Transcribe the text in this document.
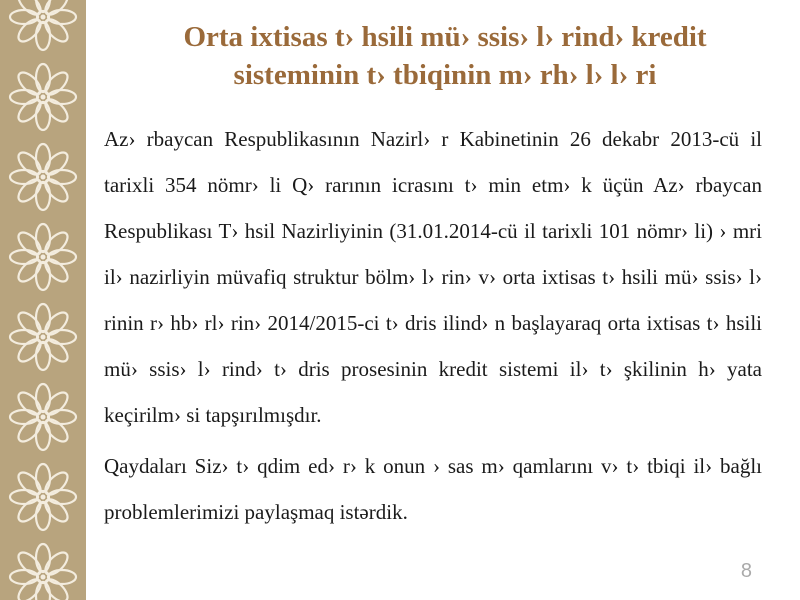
Orta ixtisas t› hsili mü› ssis› l› rind› kredit
sisteminin t› tbiqinin m› rh› l› l› ri

Az› rbaycan Respublikasının Nazirl› r Kabinetinin 26 dekabr 2013-cü il tarixli 354 nömr› li Q› rarının icrasını t› min etm› k üçün Az› rbaycan Respublikası T› hsil Nazirliyinin (31.01.2014-cü il tarixli 101 nömr› li) › mri il› nazirliyin müvafiq struktur bölm› l› rin› v› orta ixtisas t› hsili mü› ssis› l› rinin r› hb› rl› rin› 2014/2015-ci t› dris ilind› n başlayaraq orta ixtisas t› hsili mü› ssis› l› rind› t› dris prosesinin kredit sistemi il› t› şkilinin h› yata keçirilm› si tapşırılmışdır.

Qaydaları Siz› t› qdim ed› r› k onun › sas m› qamlarını v› t› tbiqi il› bağlı problemlerimizi paylaşmaq istərdik.

8
